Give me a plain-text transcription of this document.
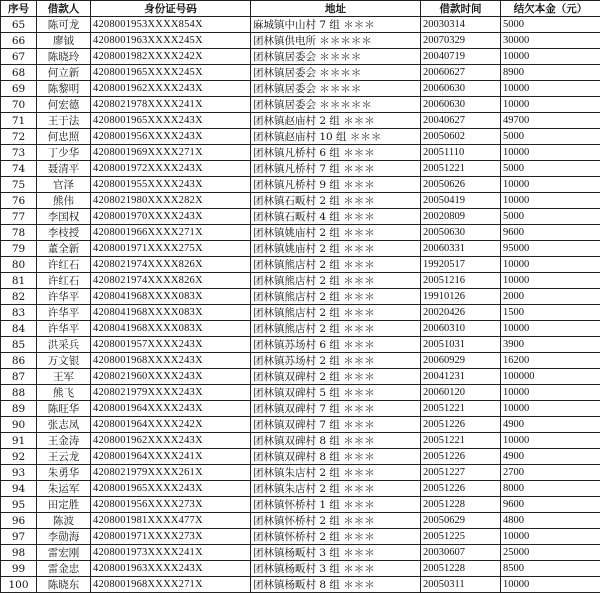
序号	借款人	身份证号码	地址	借款时间	结欠本金（元）
65	陈可龙	4208001953XXXX854X	麻城镇中山村 7 组 ＊＊＊	20030314	5000
66	廖钺	4208001963XXXX245X	团林镇供电所 ＊＊＊＊＊	20070329	30000
67	陈晓玲	4208001982XXXX242X	团林镇居委会 ＊＊＊＊	20040719	10000
68	何立新	4208001965XXXX245X	团林镇居委会 ＊＊＊＊	20060627	8900
69	陈黎明	4208001962XXXX243X	团林镇居委会 ＊＊＊＊	20060630	10000
70	何宏德	4208021978XXXX241X	团林镇居委会 ＊＊＊＊＊	20060630	10000
71	王于法	4208001965XXXX243X	团林镇赵庙村 2 组 ＊＊＊	20040627	49700
72	何忠照	4208001956XXXX243X	团林镇赵庙村 10 组 ＊＊＊	20050602	5000
73	丁少华	4208001969XXXX271X	团林镇凡桥村 6 组 ＊＊＊	20051110	10000
74	聂清平	4208001972XXXX243X	团林镇凡桥村 7 组 ＊＊＊	20051221	5000
75	官泽	4208001955XXXX243X	团林镇凡桥村 9 组 ＊＊＊	20050626	10000
76	熊伟	4208021980XXXX282X	团林镇石畈村 2 组 ＊＊＊	20050419	10000
77	李国权	4208001970XXXX243X	团林镇石畈村 4 组 ＊＊＊	20020809	5000
78	李枝授	4208001966XXXX271X	团林镇姚庙村 2 组 ＊＊＊	20050630	9600
79	董全新	4208001971XXXX275X	团林镇姚庙村 2 组 ＊＊＊	20060331	95000
80	许红石	4208021974XXXX826X	团林镇熊店村 2 组 ＊＊＊	19920517	10000
81	许红石	4208021974XXXX826X	团林镇熊店村 2 组 ＊＊＊	20051216	10000
82	许华平	4208041968XXXX083X	团林镇熊店村 2 组 ＊＊＊	19910126	2000
83	许华平	4208041968XXXX083X	团林镇熊店村 2 组 ＊＊＊	20020426	1500
84	许华平	4208041968XXXX083X	团林镇熊店村 2 组 ＊＊＊	20060310	10000
85	洪采兵	4208001957XXXX243X	团林镇苏场村 6 组 ＊＊＊	20051031	3900
86	万文银	4208001968XXXX243X	团林镇苏场村 2 组 ＊＊＊	20060929	16200
87	王军	4208021960XXXX243X	团林镇双碑村 2 组 ＊＊＊	20041231	100000
88	熊飞	4208021979XXXX243X	团林镇双碑村 5 组 ＊＊＊	20060120	10000
89	陈旺华	4208001964XXXX243X	团林镇双碑村 7 组 ＊＊＊	20051221	10000
90	张志凤	4208001964XXXX242X	团林镇双碑村 7 组 ＊＊＊	20051226	4900
91	王金涛	4208001962XXXX243X	团林镇双碑村 8 组 ＊＊＊	20051221	10000
92	王云龙	4208001964XXXX241X	团林镇双碑村 8 组 ＊＊＊	20051226	4900
93	朱勇华	4208021979XXXX261X	团林镇朱店村 2 组 ＊＊＊	20051227	2700
94	朱运军	4208001965XXXX243X	团林镇朱店村 2 组 ＊＊＊	20051226	8000
95	田定胜	4208001956XXXX273X	团林镇怀桥村 1 组 ＊＊＊	20051228	9600
96	陈波	4208001981XXXX477X	团林镇怀桥村 2 组 ＊＊＊	20050629	4800
97	李勋海	4208001971XXXX273X	团林镇怀桥村 2 组 ＊＊＊	20051225	10000
98	雷宏刚	4208001973XXXX241X	团林镇杨畈村 3 组 ＊＊＊	20030607	25000
99	雷金忠	4208001963XXXX243X	团林镇杨畈村 3 组 ＊＊＊	20051228	8500
100	陈晓东	4208001968XXXX271X	团林镇杨畈村 8 组 ＊＊＊	20050311	10000
